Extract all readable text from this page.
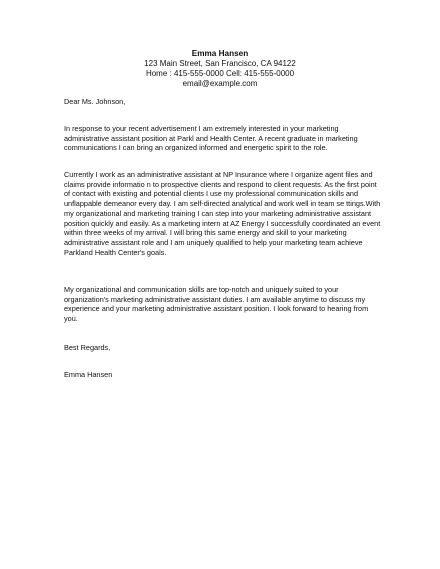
Emma Hansen
123 Main Street, San Francisco, CA 94122
Home : 415-555-0000 Cell: 415-555-0000
email@example.com
Dear Ms. Johnson,

In response to your recent advertisement I am extremely interested in your marketing administrative assistant position at Parkl and Health Center. A recent graduate in marketing communications I can bring an organized informed and energetic spirit to the role.

Currently I work as an administrative assistant at NP Insurance where I organize agent files and claims provide informatio n to prospective clients and respond to client requests. As the first point of contact with existing and potential clients I use my professional communication skills and unflappable demeanor every day. I am self-directed analytical and work well in team se ttings.With my organizational and marketing training I can step into your marketing administrative assistant position quickly and easily. As a marketing intern at AZ Energy I successfully coordinated an event within three weeks of my arrival. I will bring this same energy and skill to your marketing administrative assistant role and I am uniquely qualified to help your marketing team achieve Parkland Health Center's goals.

My organizational and communication skills are top-notch and uniquely suited to your organization's marketing administrative assistant duties. I am available anytime to discuss my experience and your marketing administrative assistant position. I look forward to hearing from you.

Best Regards,
Emma Hansen
